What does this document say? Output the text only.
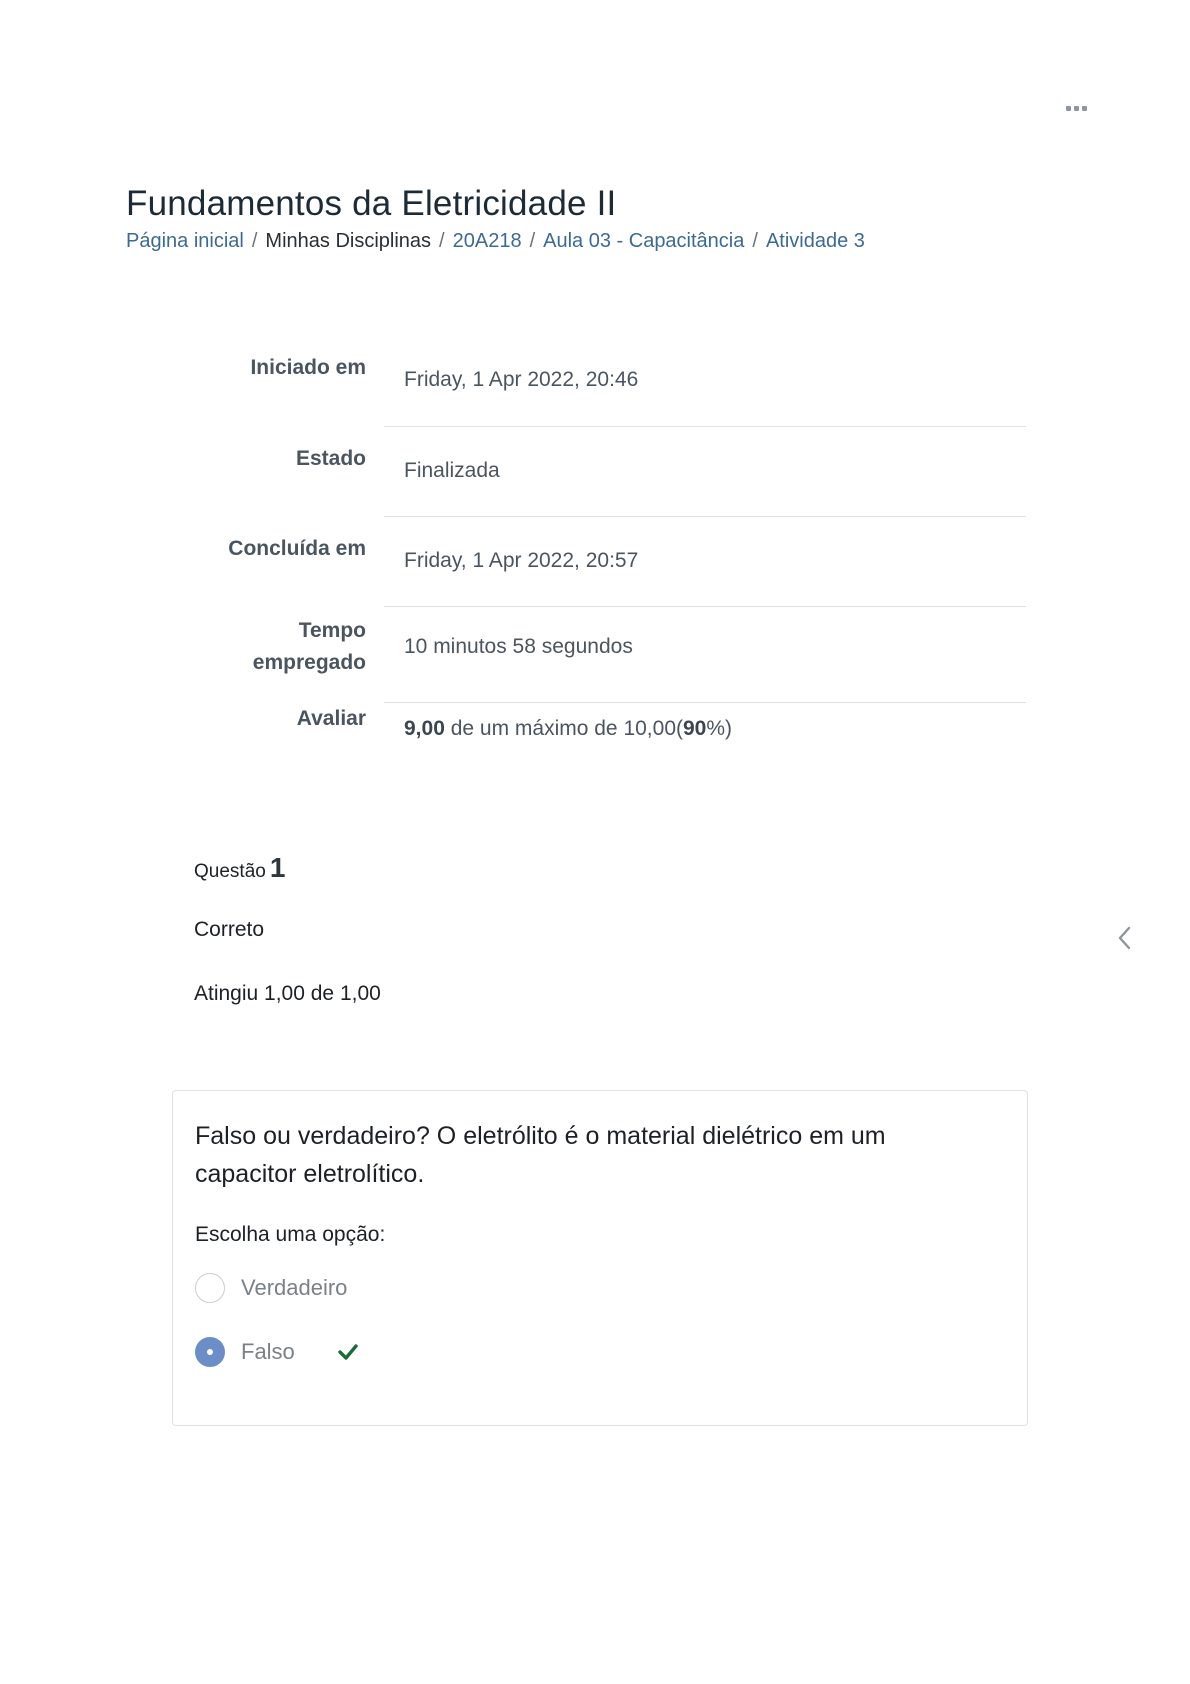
Fundamentos da Eletricidade II
Página inicial / Minhas Disciplinas / 20A218 / Aula 03 - Capacitância / Atividade 3
Iniciado em
Friday, 1 Apr 2022, 20:46
Estado
Finalizada
Concluída em
Friday, 1 Apr 2022, 20:57
Tempo
empregado
10 minutos 58 segundos
Avaliar	9,00 de um máximo de 10,00(90%)
Questão 1
Correto
Atingiu 1,00 de 1,00
Falso ou verdadeiro? O eletrólito é o material dielétrico em um capacitor eletrolítico.
Escolha uma opção:
Verdadeiro
Falso
